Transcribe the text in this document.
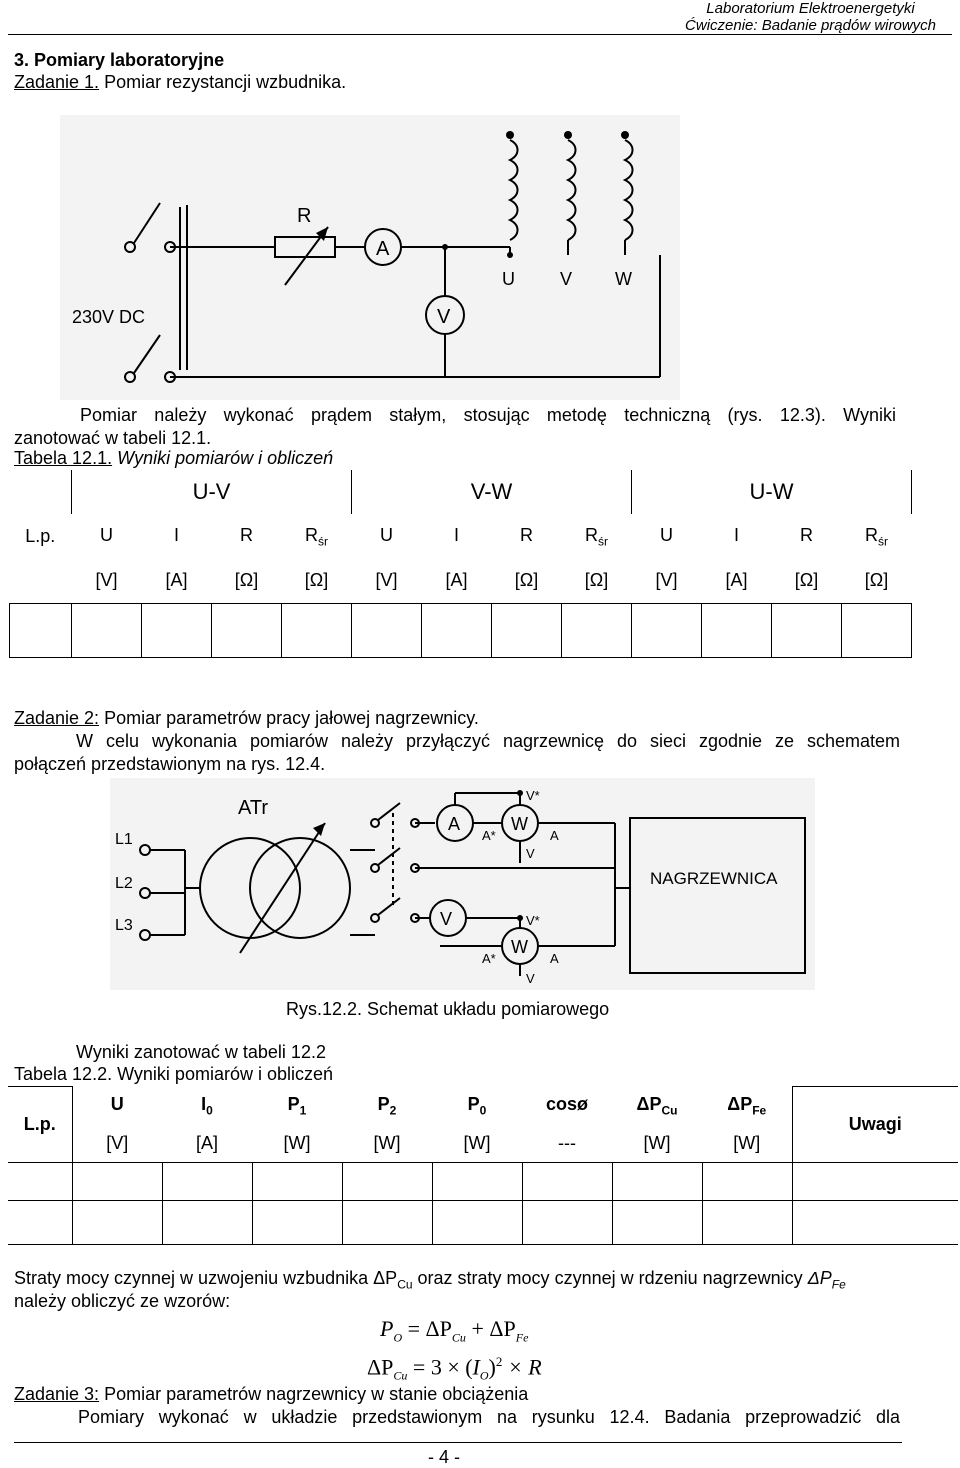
Laboratorium Elektroenergetyki
Ćwiczenie: Badanie prądów wirowych
3. Pomiary laboratoryjne
Zadanie 1. Pomiar rezystancji wzbudnika.
R
A
V
U	V W
230V DC
Pomiar należy wykonać prądem stałym, stosując metodę techniczną (rys. 12.3). Wyniki
zanotować w tabeli 12.1.
Tabela 12.1. Wyniki pomiarów i obliczeń
L.p.	U-V				V-W				U-W			
	U	I	R	$R_{śr}$	U	I	R	$R_{śr}$	U	I	R	$R_{śr}$
	[V]	[A]	[Ω]	[Ω]	[V]	[A]	[Ω]	[Ω]	[V]	[A]	[Ω]	[Ω]

Zadanie 2: Pomiar parametrów pracy jałowej nagrzewnicy.
W celu wykonania pomiarów należy przyłączyć nagrzewnicę do sieci zgodnie ze schematem
połączeń przedstawionym na rys. 12.4.
ATr
L1
L2
L3
A	W
V
W
V*
A*	A
V
V*
A*	A
V
NAGRZEWNICA
Rys.12.2. Schemat układu pomiarowego
Wyniki zanotować w tabeli 12.2
Tabela 12.2. Wyniki pomiarów i obliczeń
L.p.	U	$I_0$	$P_1$	$P_2$	$P_0$	cosø	$\Delta P_{Cu}$	$\Delta P_{Fe}$	Uwagi
	[V]	[A]	[W]	[W]	[W]	---	[W]	[W]	

Straty mocy czynnej w uzwojeniu wzbudnika $\Delta P_{Cu}$ oraz straty mocy czynnej w rdzeniu nagrzewnicy $\Delta P_{Fe}$
należy obliczyć ze wzorów:
$P_O = \Delta P_{Cu} + \Delta P_{Fe}$
$\Delta P_{Cu} = 3 \times (I_O)^2 \times R$
Zadanie 3: Pomiar parametrów nagrzewnicy w stanie obciążenia
Pomiary wykonać w układzie przedstawionym na rysunku 12.4. Badania przeprowadzić dla
- 4 -
